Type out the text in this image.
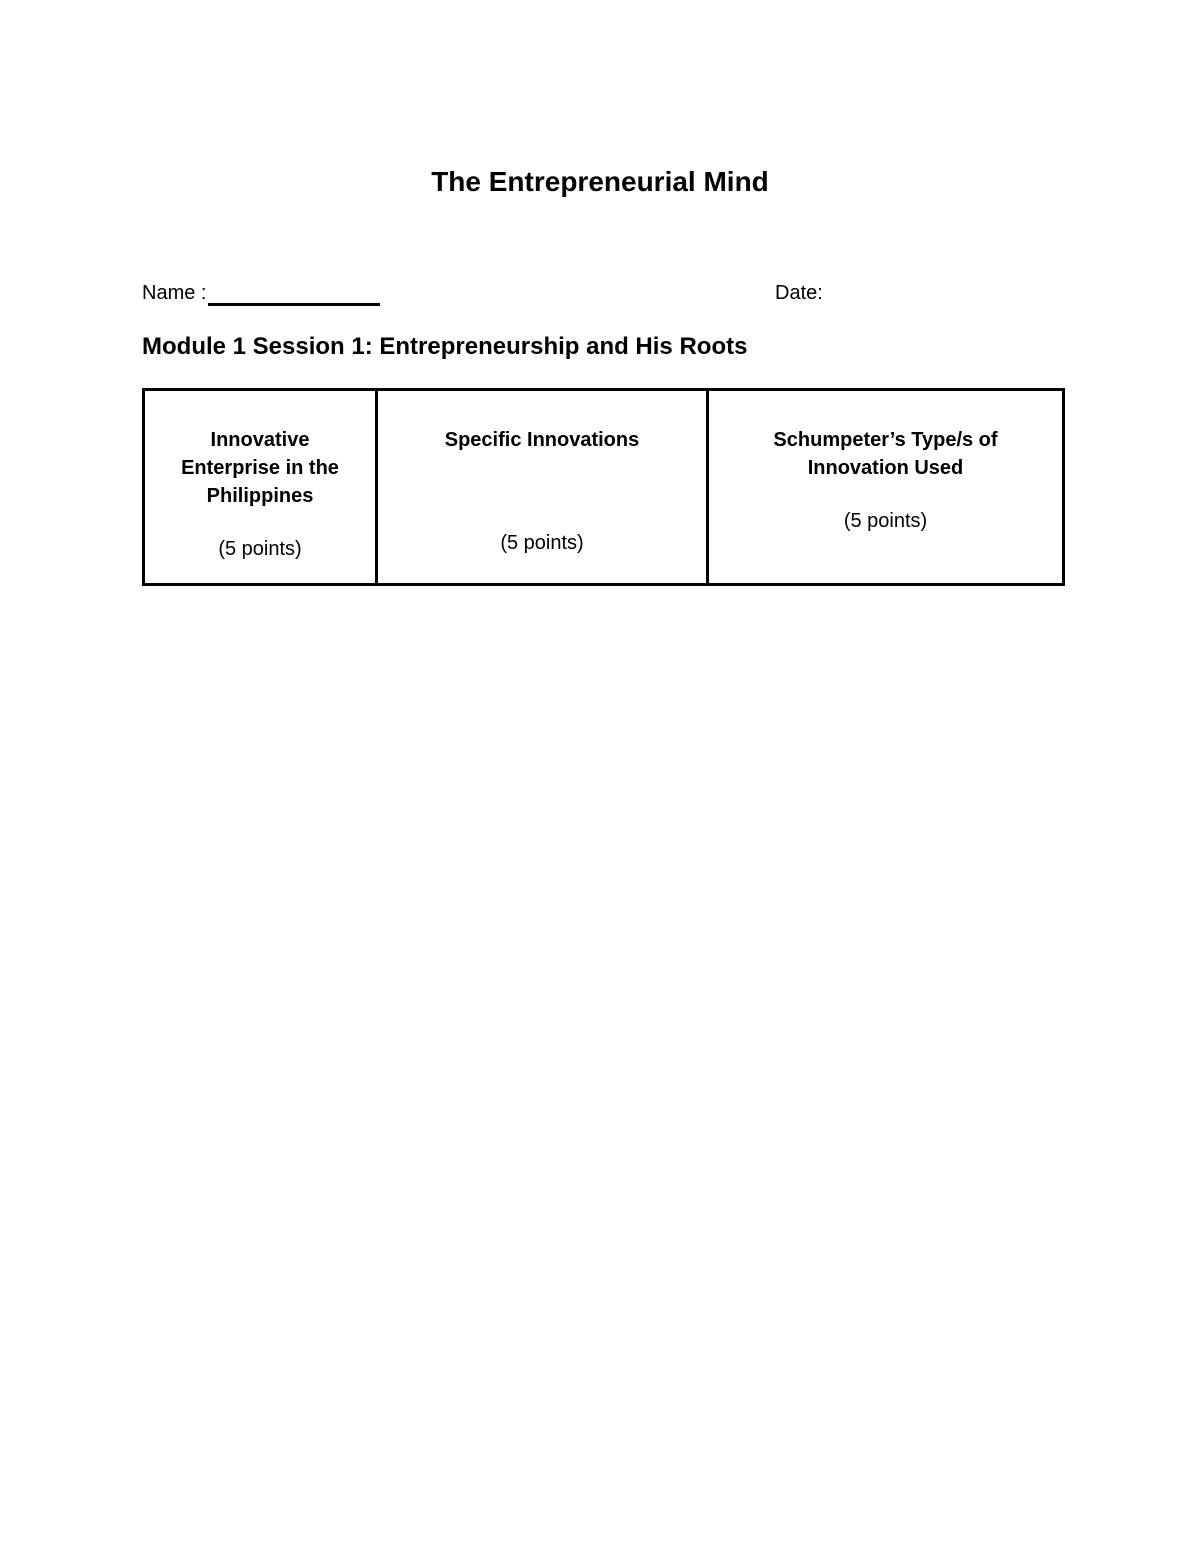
The Entrepreneurial Mind
Name :	Date:
Module 1 Session 1: Entrepreneurship and His Roots
Innovative Enterprise in the Philippines
(5 points)

Specific Innovations
(5 points)

Schumpeter’s Type/s of Innovation Used
(5 points)
